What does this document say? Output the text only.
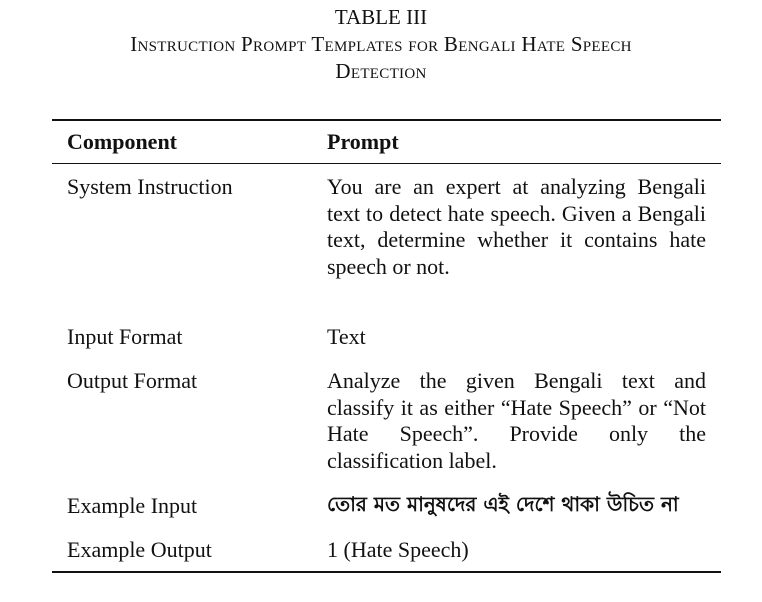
TABLE III
Instruction Prompt Templates for Bengali Hate Speech
Detection
Component	Prompt
System Instruction	You are an expert at analyzing Bengali text to detect hate speech. Given a Bengali text, determine whether it contains hate speech or not.
Input Format	Text
Output Format	Analyze the given Bengali text and classify it as either “Hate Speech” or “Not Hate Speech”. Provide only the classification label.
Example Input	তোর মত মানুষদের এই দেশে থাকা উচিত না
Example Output	1 (Hate Speech)
